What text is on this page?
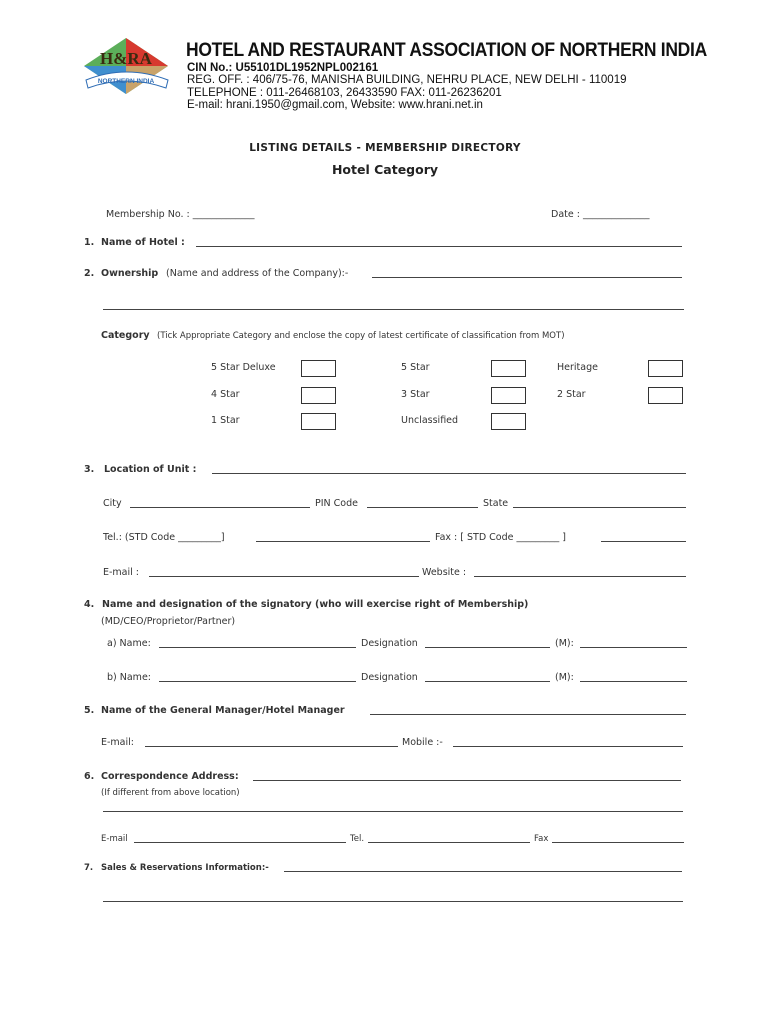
H&RA
NORTHERN INDIA
HOTEL AND RESTAURANT ASSOCIATION OF NORTHERN INDIA
CIN No.: U55101DL1952NPL002161
REG. OFF. : 406/75-76, MANISHA BUILDING, NEHRU PLACE, NEW DELHI - 110019
TELEPHONE : 011-26468103, 26433590 FAX: 011-26236201
E-mail: hrani.1950@gmail.com, Website: www.hrani.net.in
LISTING DETAILS - MEMBERSHIP DIRECTORY
Hotel Category
Membership No. : _____________	Date : ______________
1. Name of Hotel :
2. Ownership (Name and address of the Company):-
Category (Tick Appropriate Category and enclose the copy of latest certificate of classification from MOT)
5 Star Deluxe	5 Star	Heritage
4 Star	3 Star	2 Star
1 Star	Unclassified
3. Location of Unit :
City	PIN Code	State
Tel.: (STD Code _________]	Fax : [ STD Code _________ ]
E-mail :	Website :
4. Name and designation of the signatory (who will exercise right of Membership)
(MD/CEO/Proprietor/Partner)
a) Name:	Designation	(M):
b) Name:	Designation	(M):
5. Name of the General Manager/Hotel Manager
E-mail:	Mobile :-
6. Correspondence Address:
(If different from above location)
E-mail	Tel.	Fax
7. Sales & Reservations Information:-
